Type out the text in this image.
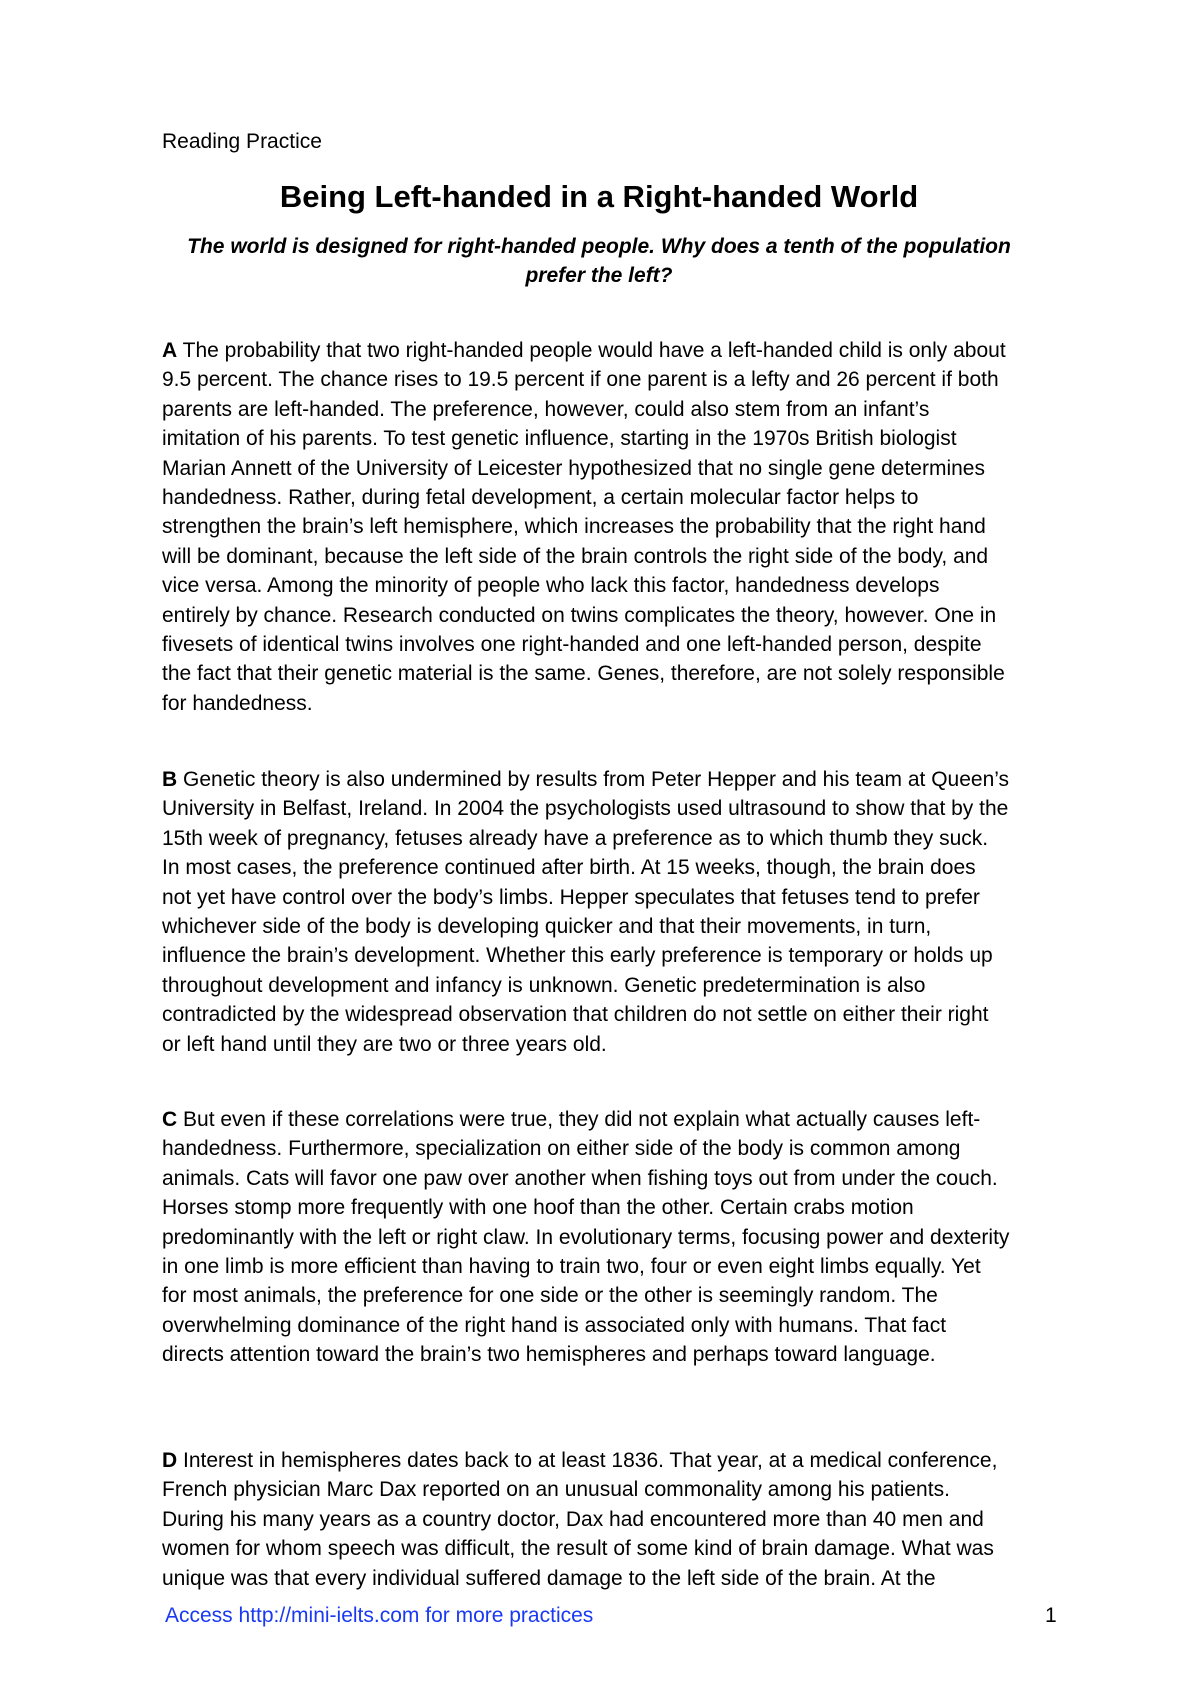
Reading Practice
Being Left-handed in a Right-handed World
The world is designed for right-handed people. Why does a tenth of the population prefer the left?

A The probability that two right-handed people would have a left-handed child is only about
9.5 percent. The chance rises to 19.5 percent if one parent is a lefty and 26 percent if both
parents are left-handed. The preference, however, could also stem from an infant’s
imitation of his parents. To test genetic influence, starting in the 1970s British biologist
Marian Annett of the University of Leicester hypothesized that no single gene determines
handedness. Rather, during fetal development, a certain molecular factor helps to
strengthen the brain’s left hemisphere, which increases the probability that the right hand
will be dominant, because the left side of the brain controls the right side of the body, and
vice versa. Among the minority of people who lack this factor, handedness develops
entirely by chance. Research conducted on twins complicates the theory, however. One in
fivesets of identical twins involves one right-handed and one left-handed person, despite
the fact that their genetic material is the same. Genes, therefore, are not solely responsible
for handedness.

B Genetic theory is also undermined by results from Peter Hepper and his team at Queen’s
University in Belfast, Ireland. In 2004 the psychologists used ultrasound to show that by the
15th week of pregnancy, fetuses already have a preference as to which thumb they suck.
In most cases, the preference continued after birth. At 15 weeks, though, the brain does
not yet have control over the body’s limbs. Hepper speculates that fetuses tend to prefer
whichever side of the body is developing quicker and that their movements, in turn,
influence the brain’s development. Whether this early preference is temporary or holds up
throughout development and infancy is unknown. Genetic predetermination is also
contradicted by the widespread observation that children do not settle on either their right
or left hand until they are two or three years old.

C But even if these correlations were true, they did not explain what actually causes left-
handedness. Furthermore, specialization on either side of the body is common among
animals. Cats will favor one paw over another when fishing toys out from under the couch.
Horses stomp more frequently with one hoof than the other. Certain crabs motion
predominantly with the left or right claw. In evolutionary terms, focusing power and dexterity
in one limb is more efficient than having to train two, four or even eight limbs equally. Yet
for most animals, the preference for one side or the other is seemingly random. The
overwhelming dominance of the right hand is associated only with humans. That fact
directs attention toward the brain’s two hemispheres and perhaps toward language.

D Interest in hemispheres dates back to at least 1836. That year, at a medical conference,
French physician Marc Dax reported on an unusual commonality among his patients.
During his many years as a country doctor, Dax had encountered more than 40 men and
women for whom speech was difficult, the result of some kind of brain damage. What was
unique was that every individual suffered damage to the left side of the brain. At the

Access http://mini-ielts.com for more practices	1
